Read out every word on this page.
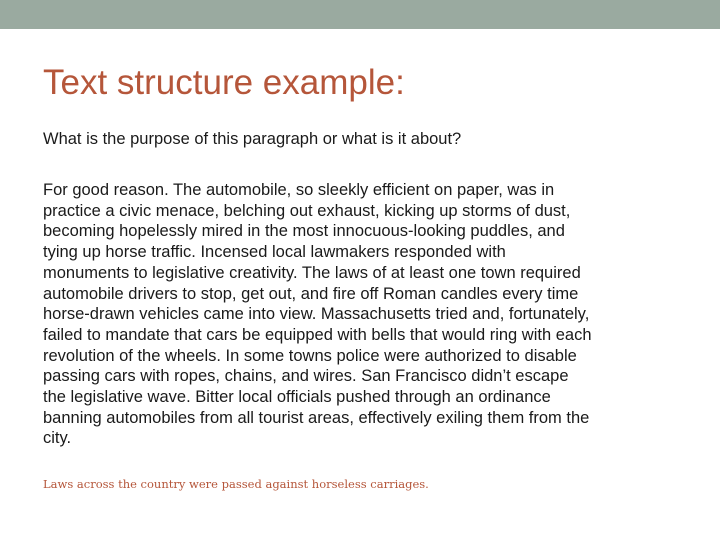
Text structure example:

What is the purpose of this paragraph or what is it about?

For good reason. The automobile, so sleekly efficient on paper, was in
practice a civic menace, belching out exhaust, kicking up storms of dust,
becoming hopelessly mired in the most innocuous-looking puddles, and
tying up horse traffic. Incensed local lawmakers responded with
monuments to legislative creativity. The laws of at least one town required
automobile drivers to stop, get out, and fire off Roman candles every time
horse-drawn vehicles came into view. Massachusetts tried and, fortunately,
failed to mandate that cars be equipped with bells that would ring with each
revolution of the wheels. In some towns police were authorized to disable
passing cars with ropes, chains, and wires. San Francisco didn’t escape
the legislative wave. Bitter local officials pushed through an ordinance
banning automobiles from all tourist areas, effectively exiling them from the
city.

Laws across the country were passed against horseless carriages.
